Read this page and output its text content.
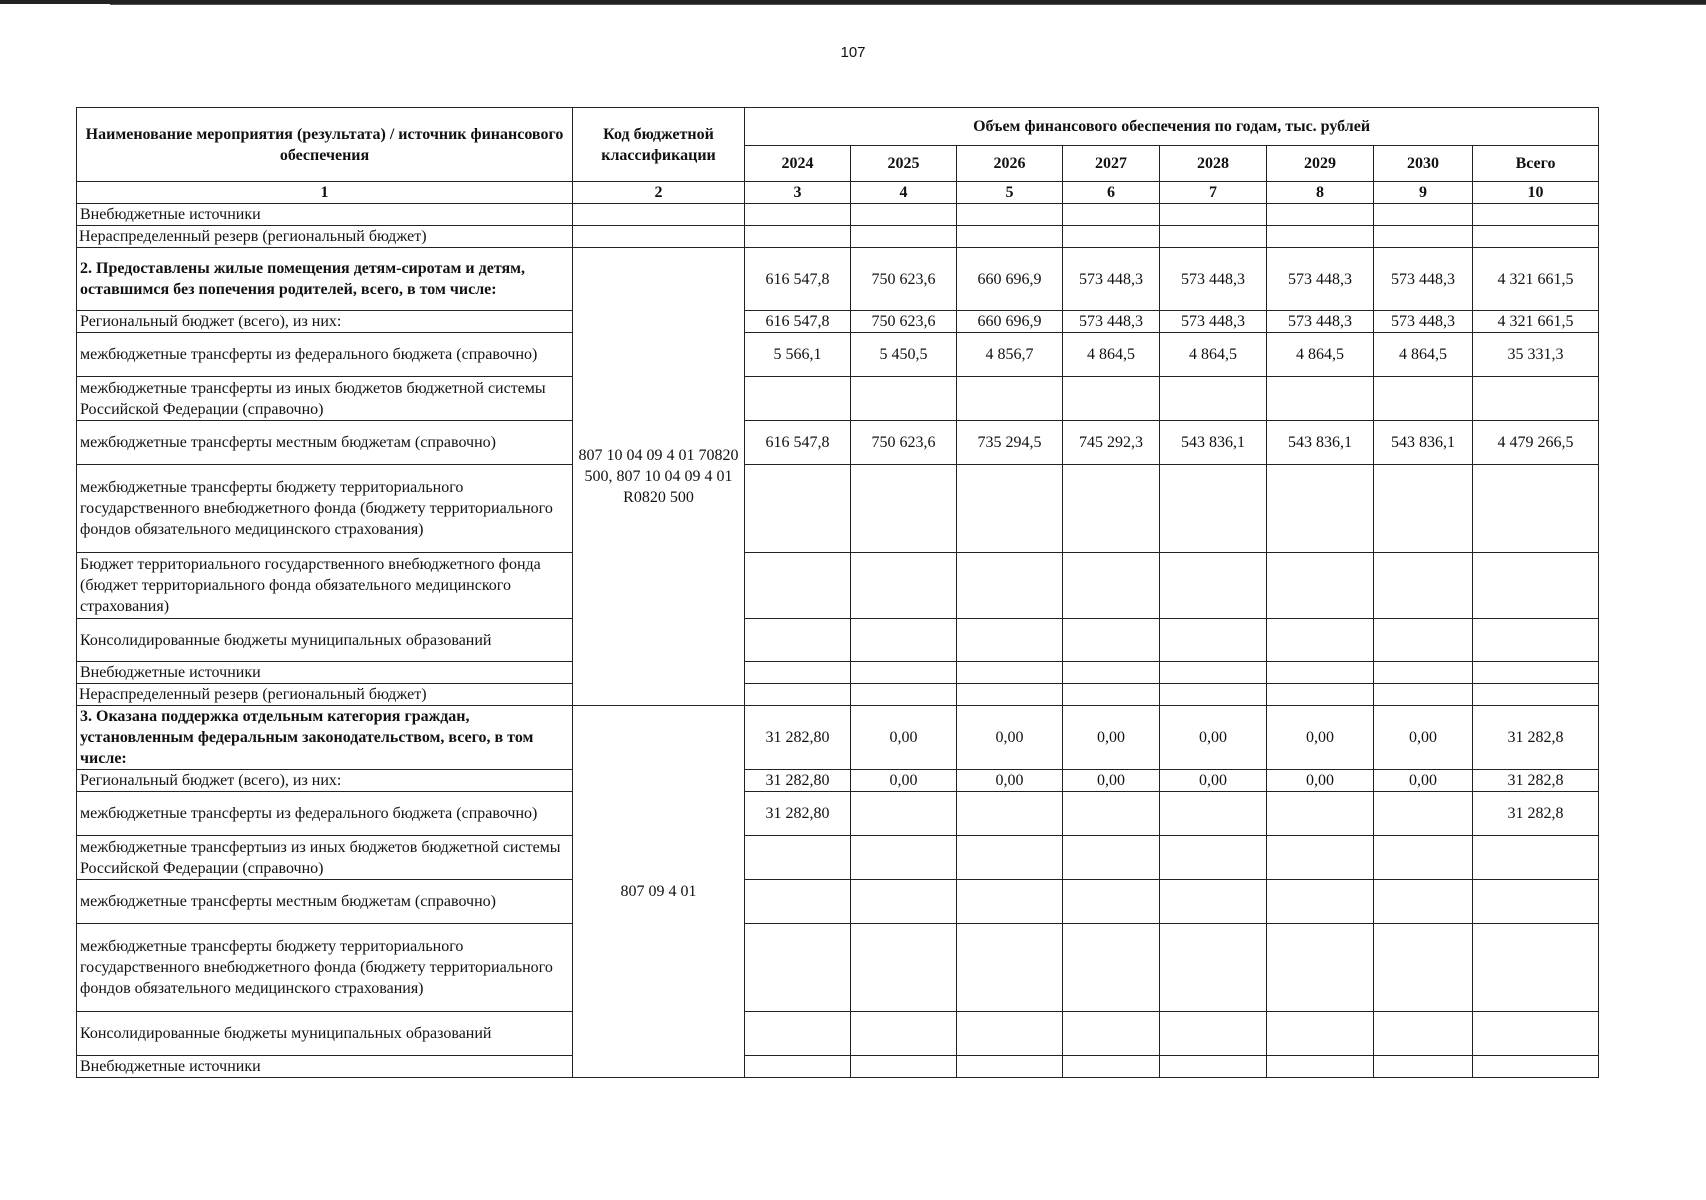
107
Наименование мероприятия (результата) / источник финансового обеспечения	Код бюджетной классификации	Объем финансового обеспечения по годам, тыс. рублей							
		2024	2025	2026	2027	2028	2029	2030	Всего
1	2	3	4	5	6	7	8	9	10
Внебюджетные источники									
Нераспределенный резерв (региональный бюджет)									
2. Предоставлены жилые помещения детям-сиротам и детям, оставшимся без попечения родителей, всего, в том числе:	807 10 04 09 4 01 70820 500, 807 10 04 09 4 01 R0820 500	616 547,8	750 623,6	660 696,9	573 448,3	573 448,3	573 448,3	573 448,3	4 321 661,5
Региональный бюджет (всего), из них:		616 547,8	750 623,6	660 696,9	573 448,3	573 448,3	573 448,3	573 448,3	4 321 661,5
межбюджетные трансферты из федерального бюджета (справочно)		5 566,1	5 450,5	4 856,7	4 864,5	4 864,5	4 864,5	4 864,5	35 331,3
межбюджетные трансферты из иных бюджетов бюджетной системы Российской Федерации (справочно)									
межбюджетные трансферты местным бюджетам (справочно)		616 547,8	750 623,6	735 294,5	745 292,3	543 836,1	543 836,1	543 836,1	4 479 266,5
межбюджетные трансферты бюджету территориального государственного внебюджетного фонда (бюджету территориального фондов обязательного медицинского страхования)									
Бюджет территориального государственного внебюджетного фонда (бюджет территориального фонда обязательного медицинского страхования)									
Консолидированные бюджеты муниципальных образований									
Внебюджетные источники									
Нераспределенный резерв (региональный бюджет)									
3. Оказана поддержка отдельным категория граждан, установленным федеральным законодательством, всего, в том числе:	807 09 4 01	31 282,80	0,00	0,00	0,00	0,00	0,00	0,00	31 282,8
Региональный бюджет (всего), из них:		31 282,80	0,00	0,00	0,00	0,00	0,00	0,00	31 282,8
межбюджетные трансферты из федерального бюджета (справочно)		31 282,80							31 282,8
межбюджетные трансфертыиз из иных бюджетов бюджетной системы Российской Федерации (справочно)									
межбюджетные трансферты местным бюджетам (справочно)									
межбюджетные трансферты бюджету территориального государственного внебюджетного фонда (бюджету территориального фондов обязательного медицинского страхования)									
Консолидированные бюджеты муниципальных образований									
Внебюджетные источники									
